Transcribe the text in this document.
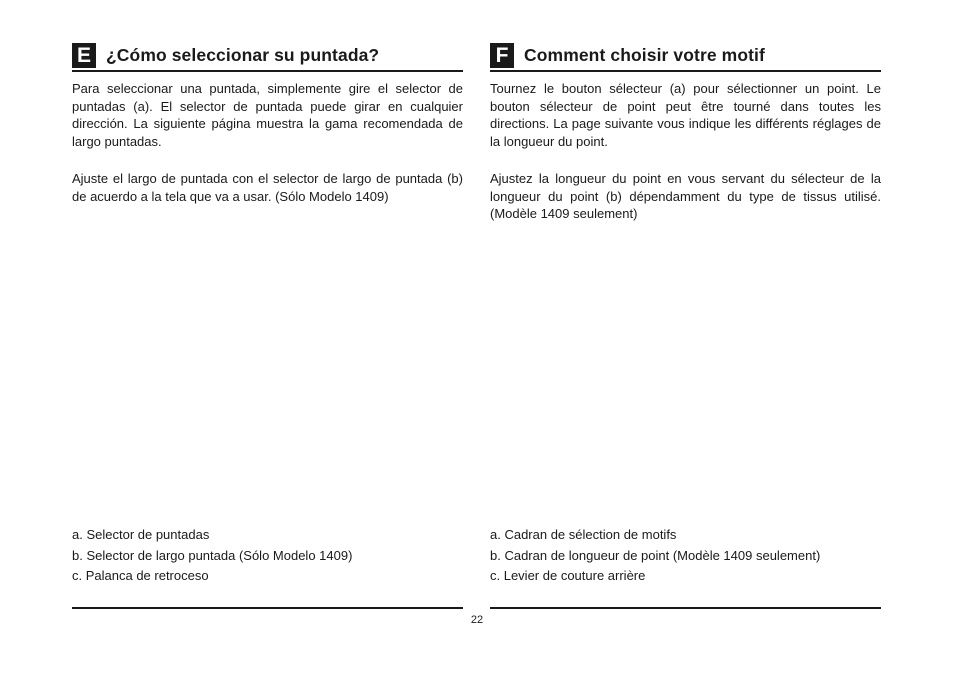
E ¿Cómo seleccionar su puntada?

Para seleccionar una puntada, simplemente gire el selector de puntadas (a). El selector de puntada puede girar en cualquier dirección. La siguiente página muestra la gama recomendada de largo puntadas.

Ajuste el largo de puntada con el selector de largo de puntada (b) de acuerdo a la tela que va a usar. (Sólo Modelo 1409)

a. Selector de puntadas
b. Selector de largo puntada (Sólo Modelo 1409)
c. Palanca de retroceso
F Comment choisir votre motif

Tournez le bouton sélecteur (a) pour sélectionner un point. Le bouton sélecteur de point peut être tourné dans toutes les directions. La page suivante vous indique les différents réglages de la longueur du point.

Ajustez la longueur du point en vous servant du sélecteur de la longueur du point (b) dépendamment du type de tissus utilisé. (Modèle 1409 seulement)

a. Cadran de sélection de motifs
b. Cadran de longueur de point (Modèle 1409 seulement)
c. Levier de couture arrière
22
